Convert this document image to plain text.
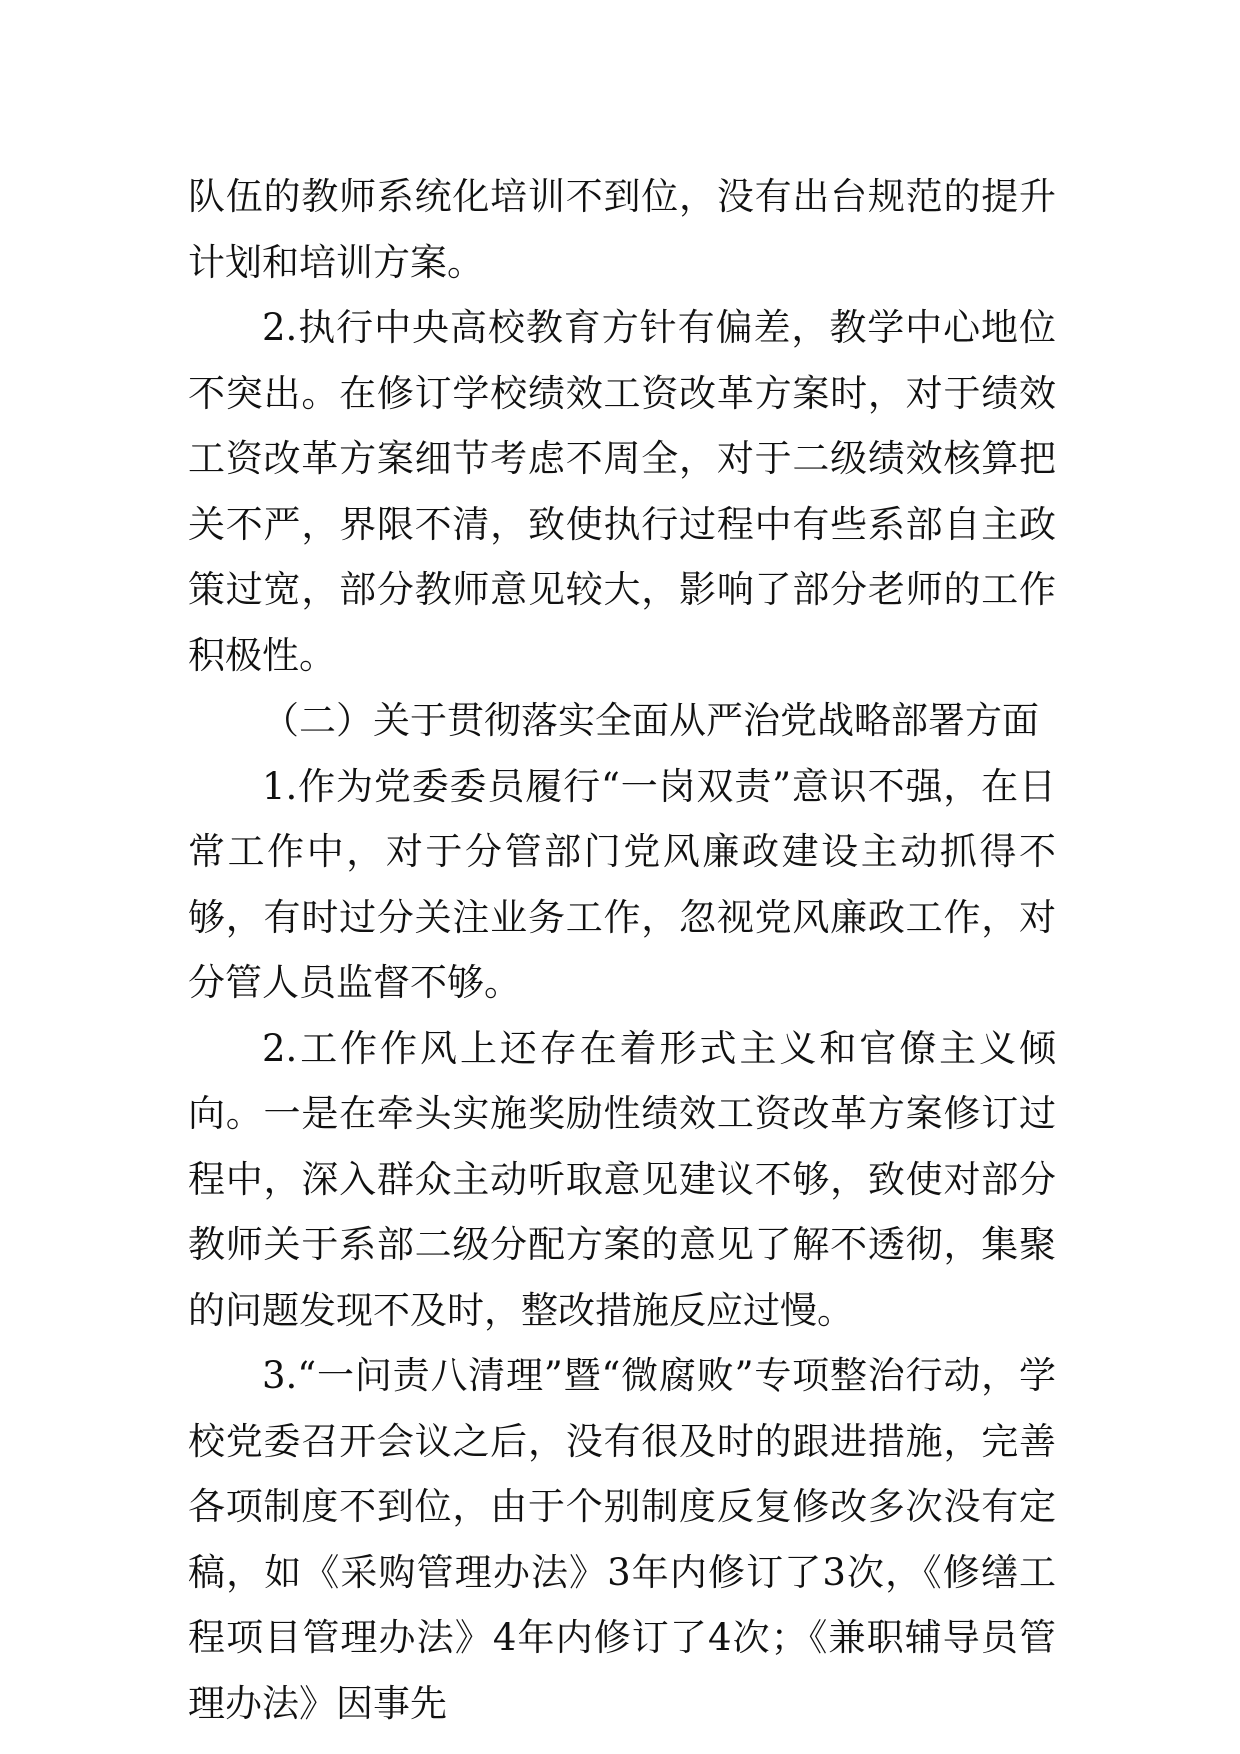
队伍的教师系统化培训不到位，没有出台规范的提升计划和培训方案。

2.执行中央高校教育方针有偏差，教学中心地位不突出。在修订学校绩效工资改革方案时，对于绩效工资改革方案细节考虑不周全，对于二级绩效核算把关不严，界限不清，致使执行过程中有些系部自主政策过宽，部分教师意见较大，影响了部分老师的工作积极性。

（二）关于贯彻落实全面从严治党战略部署方面

1.作为党委委员履行“一岗双责”意识不强，在日常工作中，对于分管部门党风廉政建设主动抓得不够，有时过分关注业务工作，忽视党风廉政工作，对分管人员监督不够。

2.工作作风上还存在着形式主义和官僚主义倾向。一是在牵头实施奖励性绩效工资改革方案修订过程中，深入群众主动听取意见建议不够，致使对部分教师关于系部二级分配方案的意见了解不透彻，集聚的问题发现不及时，整改措施反应过慢。

3.“一问责八清理”暨“微腐败”专项整治行动，学校党委召开会议之后，没有很及时的跟进措施，完善各项制度不到位，由于个别制度反复修改多次没有定稿，如《采购管理办法》3年内修订了3次，《修缮工程项目管理办法》4年内修订了4次；《兼职辅导员管理办法》因事先
